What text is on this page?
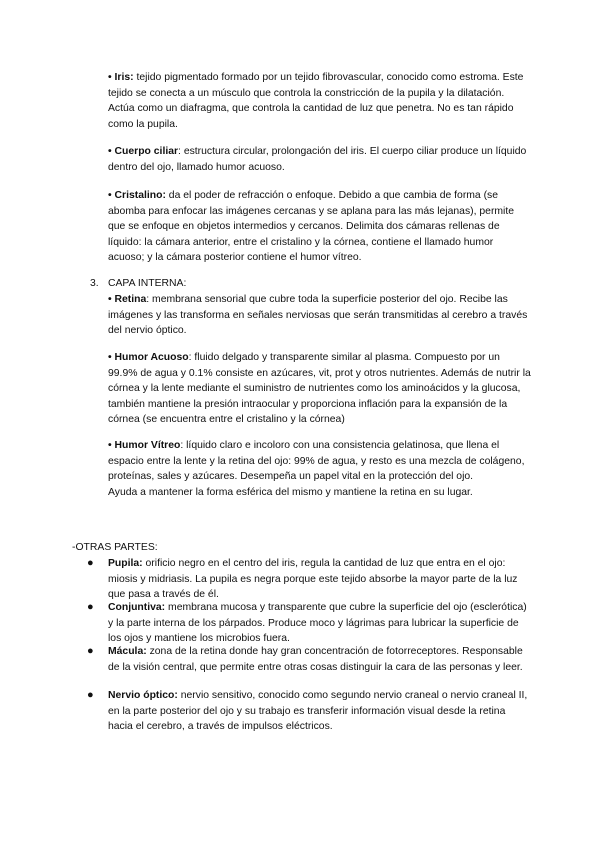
• Iris: tejido pigmentado formado por un tejido fibrovascular, conocido como estroma. Este tejido se conecta a un músculo que controla la constricción de la pupila y la dilatación. Actúa como un diafragma, que controla la cantidad de luz que penetra. No es tan rápido como la pupila.

• Cuerpo ciliar: estructura circular, prolongación del iris. El cuerpo ciliar produce un líquido dentro del ojo, llamado humor acuoso.

• Cristalino: da el poder de refracción o enfoque. Debido a que cambia de forma (se abomba para enfocar las imágenes cercanas y se aplana para las más lejanas), permite que se enfoque en objetos intermedios y cercanos. Delimita dos cámaras rellenas de líquido: la cámara anterior, entre el cristalino y la córnea, contiene el llamado humor acuoso; y la cámara posterior contiene el humor vítreo.

3. CAPA INTERNA:

• Retina: membrana sensorial que cubre toda la superficie posterior del ojo. Recibe las imágenes y las transforma en señales nerviosas que serán transmitidas al cerebro a través del nervio óptico.

• Humor Acuoso: fluido delgado y transparente similar al plasma. Compuesto por un 99.9% de agua y 0.1% consiste en azúcares, vit, prot y otros nutrientes. Además de nutrir la córnea y la lente mediante el suministro de nutrientes como los aminoácidos y la glucosa, también mantiene la presión intraocular y proporciona inflación para la expansión de la córnea (se encuentra entre el cristalino y la córnea)

• Humor Vítreo: líquido claro e incoloro con una consistencia gelatinosa, que llena el espacio entre la lente y la retina del ojo: 99% de agua, y resto es una mezcla de colágeno, proteínas, sales y azúcares. Desempeña un papel vital en la protección del ojo.
Ayuda a mantener la forma esférica del mismo y mantiene la retina en su lugar.

-OTRAS PARTES:
● Pupila: orificio negro en el centro del iris, regula la cantidad de luz que entra en el ojo: miosis y midriasis. La pupila es negra porque este tejido absorbe la mayor parte de la luz que pasa a través de él.

● Conjuntiva: membrana mucosa y transparente que cubre la superficie del ojo (esclerótica) y la parte interna de los párpados. Produce moco y lágrimas para lubricar la superficie de los ojos y mantiene los microbios fuera.

● Mácula: zona de la retina donde hay gran concentración de fotorreceptores. Responsable de la visión central, que permite entre otras cosas distinguir la cara de las personas y leer.

● Nervio óptico: nervio sensitivo, conocido como segundo nervio craneal o nervio craneal II, en la parte posterior del ojo y su trabajo es transferir información visual desde la retina hacia el cerebro, a través de impulsos eléctricos.
